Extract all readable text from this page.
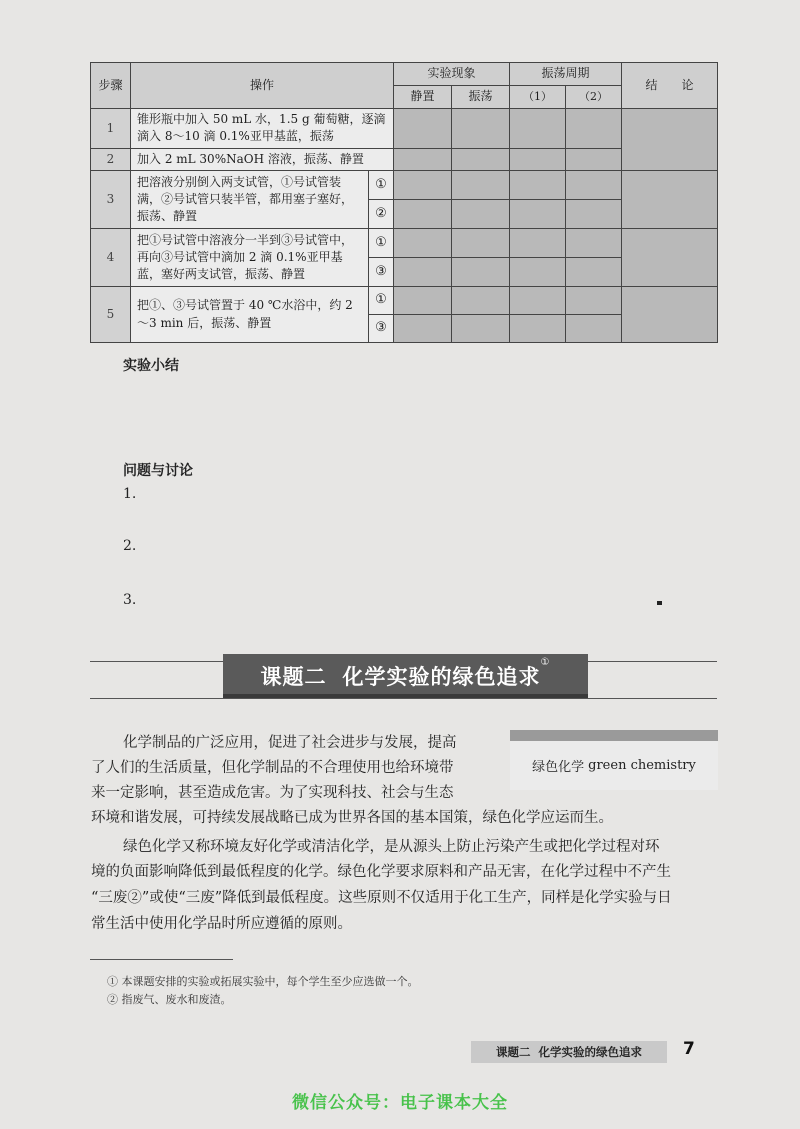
步骤	操作		实验现象		振荡周期		结　　论
			静置	振荡	（1）	（2）	
1	锥形瓶中加入 50 mL 水，1.5 g 葡萄糖，逐滴滴入 8～10 滴 0.1%亚甲基蓝，振荡						
2	加入 2 mL 30%NaOH 溶液，振荡、静置						
3	把溶液分别倒入两支试管，①号试管装满，②号试管只装半管，都用塞子塞好，振荡、静置	①					
		②					
4	把①号试管中溶液分一半到③号试管中，再向③号试管中滴加 2 滴 0.1%亚甲基蓝，塞好两支试管，振荡、静置	①					
		③					
5	把①、③号试管置于 40 ℃水浴中，约 2～3 min 后，振荡、静置	①					
		③					
实验小结
问题与讨论
1.
2.
3.
课题二 化学实验的绿色追求①
绿色化学 green chemistry
化学制品的广泛应用，促进了社会进步与发展，提高
了人们的生活质量，但化学制品的不合理使用也给环境带
来一定影响，甚至造成危害。为了实现科技、社会与生态
环境和谐发展，可持续发展战略已成为世界各国的基本国策，绿色化学应运而生。
绿色化学又称环境友好化学或清洁化学，是从源头上防止污染产生或把化学过程对环
境的负面影响降低到最低程度的化学。绿色化学要求原料和产品无害，在化学过程中不产生
“三废②”或使“三废”降低到最低程度。这些原则不仅适用于化工生产，同样是化学实验与日
常生活中使用化学品时所应遵循的原则。
① 本课题安排的实验或拓展实验中，每个学生至少应选做一个。
② 指废气、废水和废渣。
课题二 化学实验的绿色追求 7
微信公众号：电子课本大全
